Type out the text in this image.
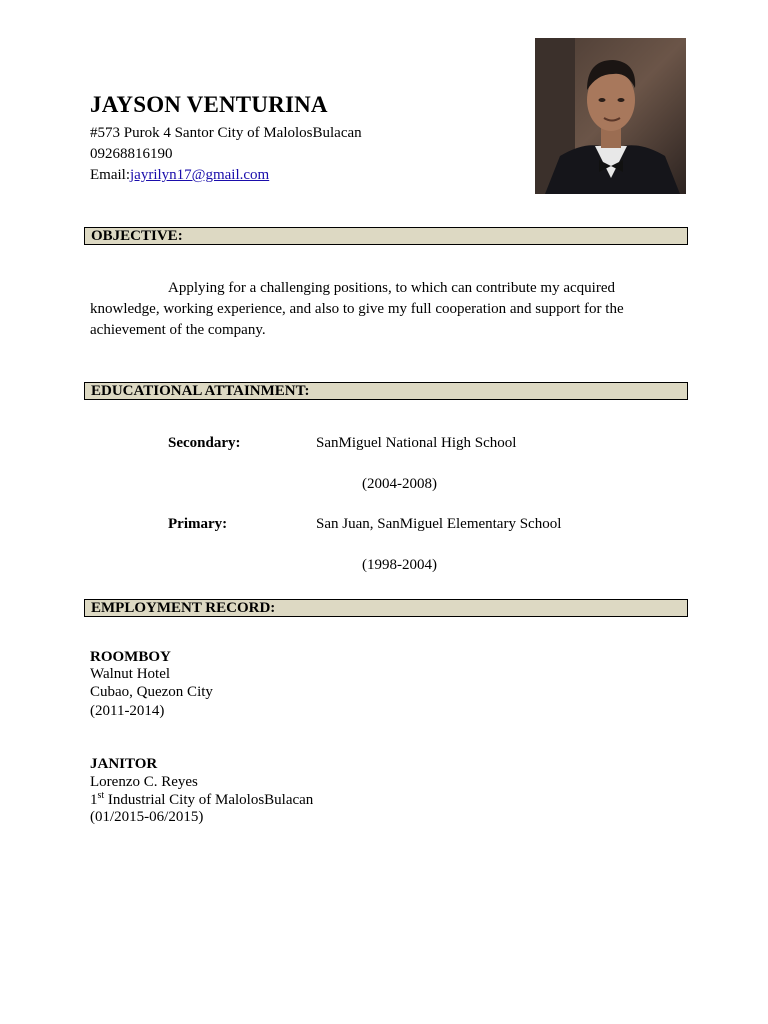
JAYSON VENTURINA
#573 Purok 4 Santor City of MalolosBulacan
09268816190
Email:jayrilyn17@gmail.com
OBJECTIVE:
Applying for a challenging positions, to which can contribute my acquired knowledge, working experience, and also to give my full cooperation and support for the achievement of the company.
EDUCATIONAL ATTAINMENT:
Secondary:	SanMiguel National High School
(2004-2008)
Primary:	San Juan, SanMiguel Elementary School
(1998-2004)
EMPLOYMENT RECORD:
ROOMBOY
Walnut Hotel
Cubao, Quezon City
(2011-2014)
JANITOR
Lorenzo C. Reyes
1st Industrial City of MalolosBulacan
(01/2015-06/2015)
